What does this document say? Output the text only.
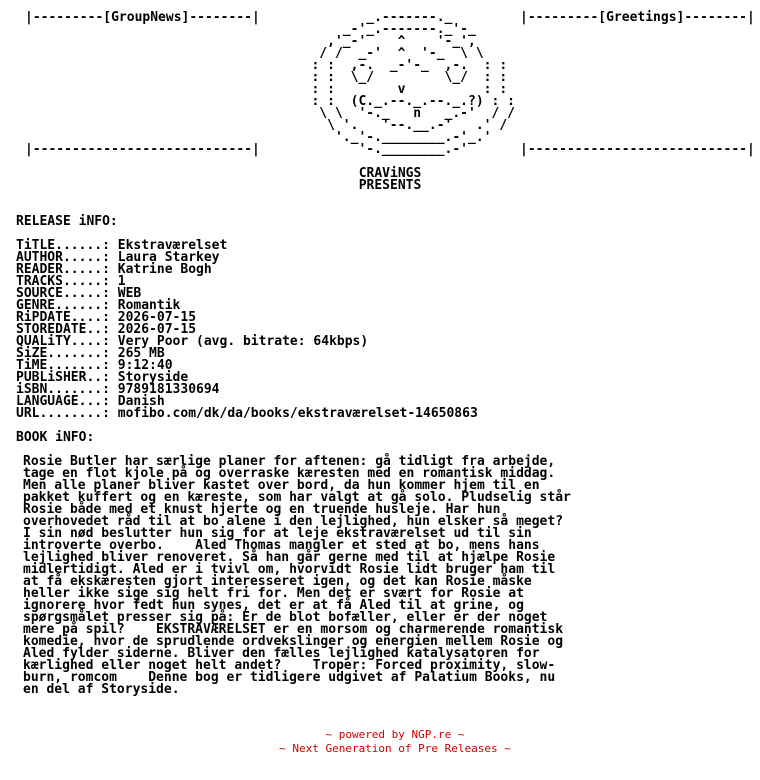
|---------[GroupNews]--------|	|---------[Greetings]--------|
|----------------------------|	|----------------------------|
_.-------._
_-'_.-------._'-_
,'_-'    ^    '-_',
/ /  _-'  ^  '-_  \ \
: :  ,-.  _-'-_  ,-.  : :
: :  \_/         \_/  : :
: :        v          : :
: :  (C._.--._.--._.?) : :
\ \  '-._   n   _.-'  / /
\ '.   '--.__.-'   .' /
'._'-.________.-'_.'
'-.________.-'
CRAViNGS
PRESENTS
RELEASE iNFO:
TiTLE......: Ekstraværelset
AUTHOR.....: Laura Starkey
READER.....: Katrine Bogh
TRACKS.....: 1
SOURCE.....: WEB
GENRE......: Romantik
RiPDATE....: 2026-07-15
STOREDATE..: 2026-07-15
QUALiTY....: Very Poor (avg. bitrate: 64kbps)
SiZE.......: 265 MB
TiME.......: 9:12:40
PUBLiSHER..: Storyside
iSBN.......: 9789181330694
LANGUAGE...: Danish
URL........: mofibo.com/dk/da/books/ekstraværelset-14650863
BOOK iNFO:
Rosie Butler har særlige planer for aftenen: gå tidligt fra arbejde,
tage en flot kjole på og overraske kæresten med en romantisk middag.
Men alle planer bliver kastet over bord, da hun kommer hjem til en
pakket kuffert og en kæreste, som har valgt at gå solo. Pludselig står
Rosie både med et knust hjerte og en truende husleje. Har hun
overhovedet råd til at bo alene i den lejlighed, hun elsker så meget?
I sin nød beslutter hun sig for at leje ekstraværelset ud til sin
introverte overbo.    Aled Thomas mangler et sted at bo, mens hans
lejlighed bliver renoveret. Så han går gerne med til at hjælpe Rosie
midlertidigt. Aled er i tvivl om, hvorvidt Rosie lidt bruger ham til
at få ekskæresten gjort interesseret igen, og det kan Rosie måske
heller ikke sige sig helt fri for. Men det er svært for Rosie at
ignorere hvor fedt hun synes, det er at få Aled til at grine, og
spørgsmålet presser sig på: Er de blot bofæller, eller er der noget
mere på spil?    EKSTRAVÆRELSET er en morsom og charmerende romantisk
komedie, hvor de sprudlende ordvekslinger og energien mellem Rosie og
Aled fylder siderne. Bliver den fælles lejlighed katalysatoren for
kærlighed eller noget helt andet?    Troper: Forced proximity, slow-
burn, romcom    Denne bog er tidligere udgivet af Palatium Books, nu
en del af Storyside.
~ powered by NGP.re ~
~ Next Generation of Pre Releases ~
